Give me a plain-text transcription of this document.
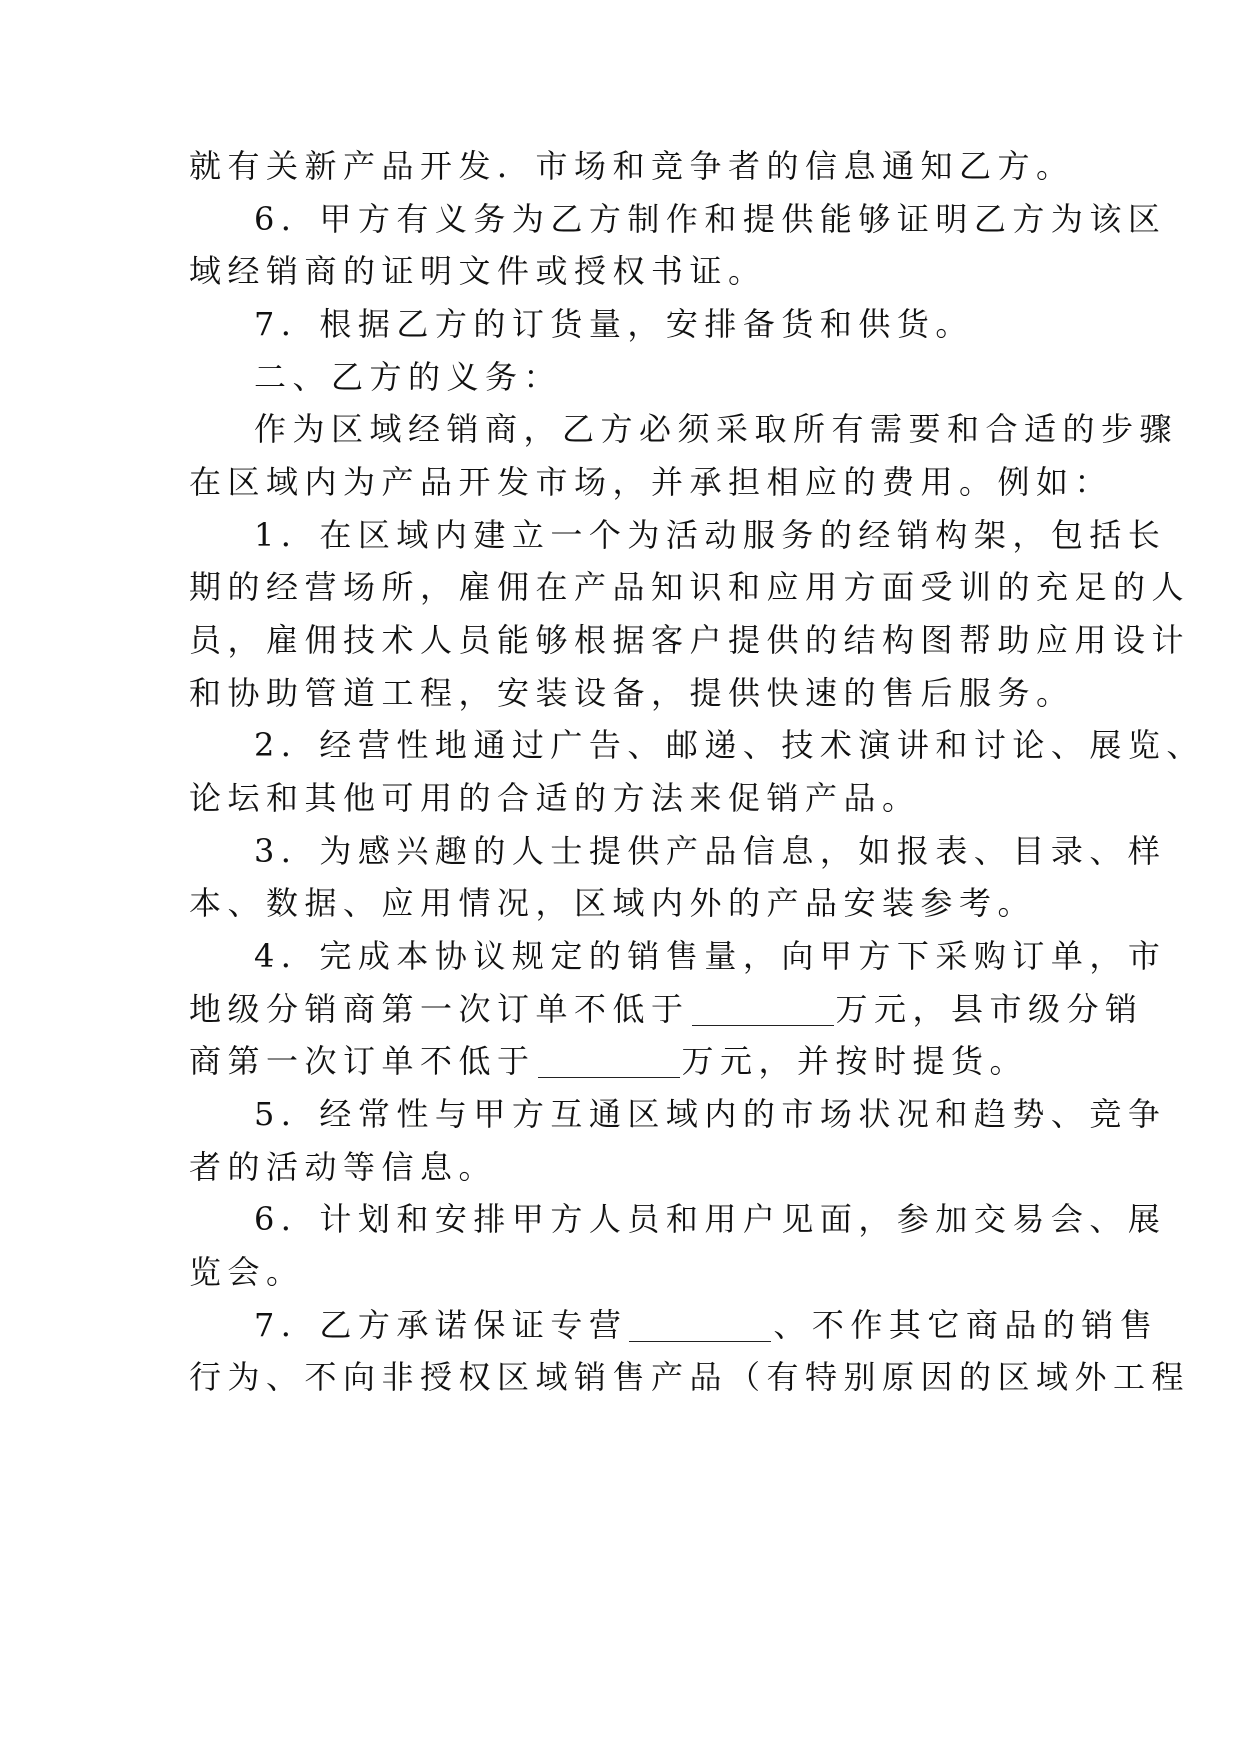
就有关新产品开发．市场和竞争者的信息通知乙方。
6．甲方有义务为乙方制作和提供能够证明乙方为该区
域经销商的证明文件或授权书证。
7．根据乙方的订货量，安排备货和供货。
二、乙方的义务：
作为区域经销商，乙方必须采取所有需要和合适的步骤
在区域内为产品开发市场，并承担相应的费用。例如：
1．在区域内建立一个为活动服务的经销构架，包括长
期的经营场所，雇佣在产品知识和应用方面受训的充足的人
员，雇佣技术人员能够根据客户提供的结构图帮助应用设计
和协助管道工程，安装设备，提供快速的售后服务。
2．经营性地通过广告、邮递、技术演讲和讨论、展览、
论坛和其他可用的合适的方法来促销产品。
3．为感兴趣的人士提供产品信息，如报表、目录、样
本、数据、应用情况，区域内外的产品安装参考。
4．完成本协议规定的销售量，向甲方下采购订单，市
地级分销商第一次订单不低于	万元，县市级分销
商第一次订单不低于	万元，并按时提货。
5．经常性与甲方互通区域内的市场状况和趋势、竞争
者的活动等信息。
6．计划和安排甲方人员和用户见面，参加交易会、展
览会。
7．乙方承诺保证专营	、不作其它商品的销售
行为、不向非授权区域销售产品（有特别原因的区域外工程
